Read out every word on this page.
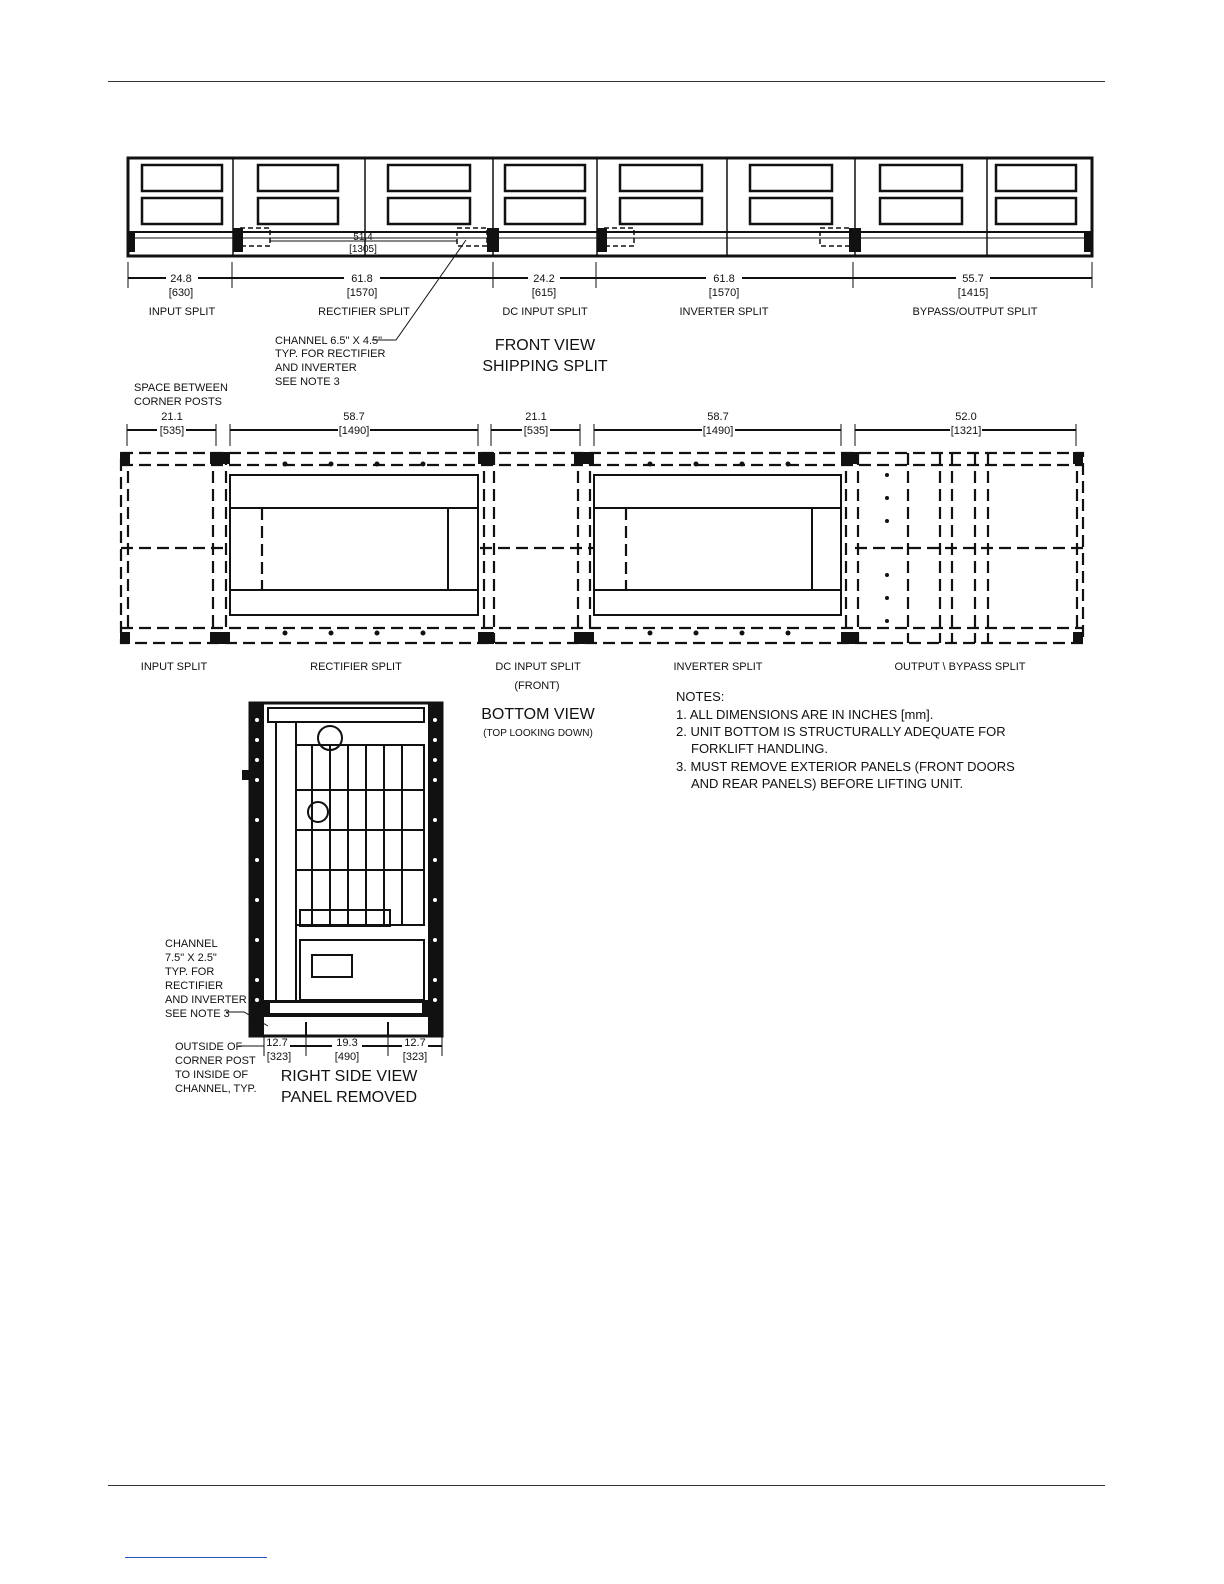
51.4
[1305]
24.8
[630]
INPUT SPLIT
61.8
[1570]
RECTIFIER SPLIT
24.2
[615]
DC INPUT SPLIT
61.8
[1570]
INVERTER SPLIT
55.7
[1415]
BYPASS/OUTPUT SPLIT
CHANNEL 6.5" X 4.5"
TYP. FOR RECTIFIER
AND INVERTER
SEE NOTE 3
FRONT VIEW
SHIPPING SPLIT
SPACE BETWEEN
CORNER POSTS
21.1
[535]
58.7
[1490]
21.1
[535]
58.7
[1490]
52.0
[1321]
INPUT SPLIT	RECTIFIER SPLIT	DC INPUT SPLIT	INVERTER SPLIT	OUTPUT \ BYPASS SPLIT
(FRONT)
BOTTOM VIEW
(TOP LOOKING DOWN)
CHANNEL
7.5" X 2.5"
TYP. FOR
RECTIFIER
AND INVERTER
SEE NOTE 3
12.7
[323]
19.3
[490]
12.7
[323]
OUTSIDE OF
CORNER POST
TO INSIDE OF
CHANNEL, TYP.
RIGHT SIDE VIEW
PANEL REMOVED
NOTES:
1. ALL DIMENSIONS ARE IN INCHES [mm].
2. UNIT BOTTOM IS STRUCTURALLY ADEQUATE FOR
FORKLIFT HANDLING.
3. MUST REMOVE EXTERIOR PANELS (FRONT DOORS
AND REAR PANELS) BEFORE LIFTING UNIT.
